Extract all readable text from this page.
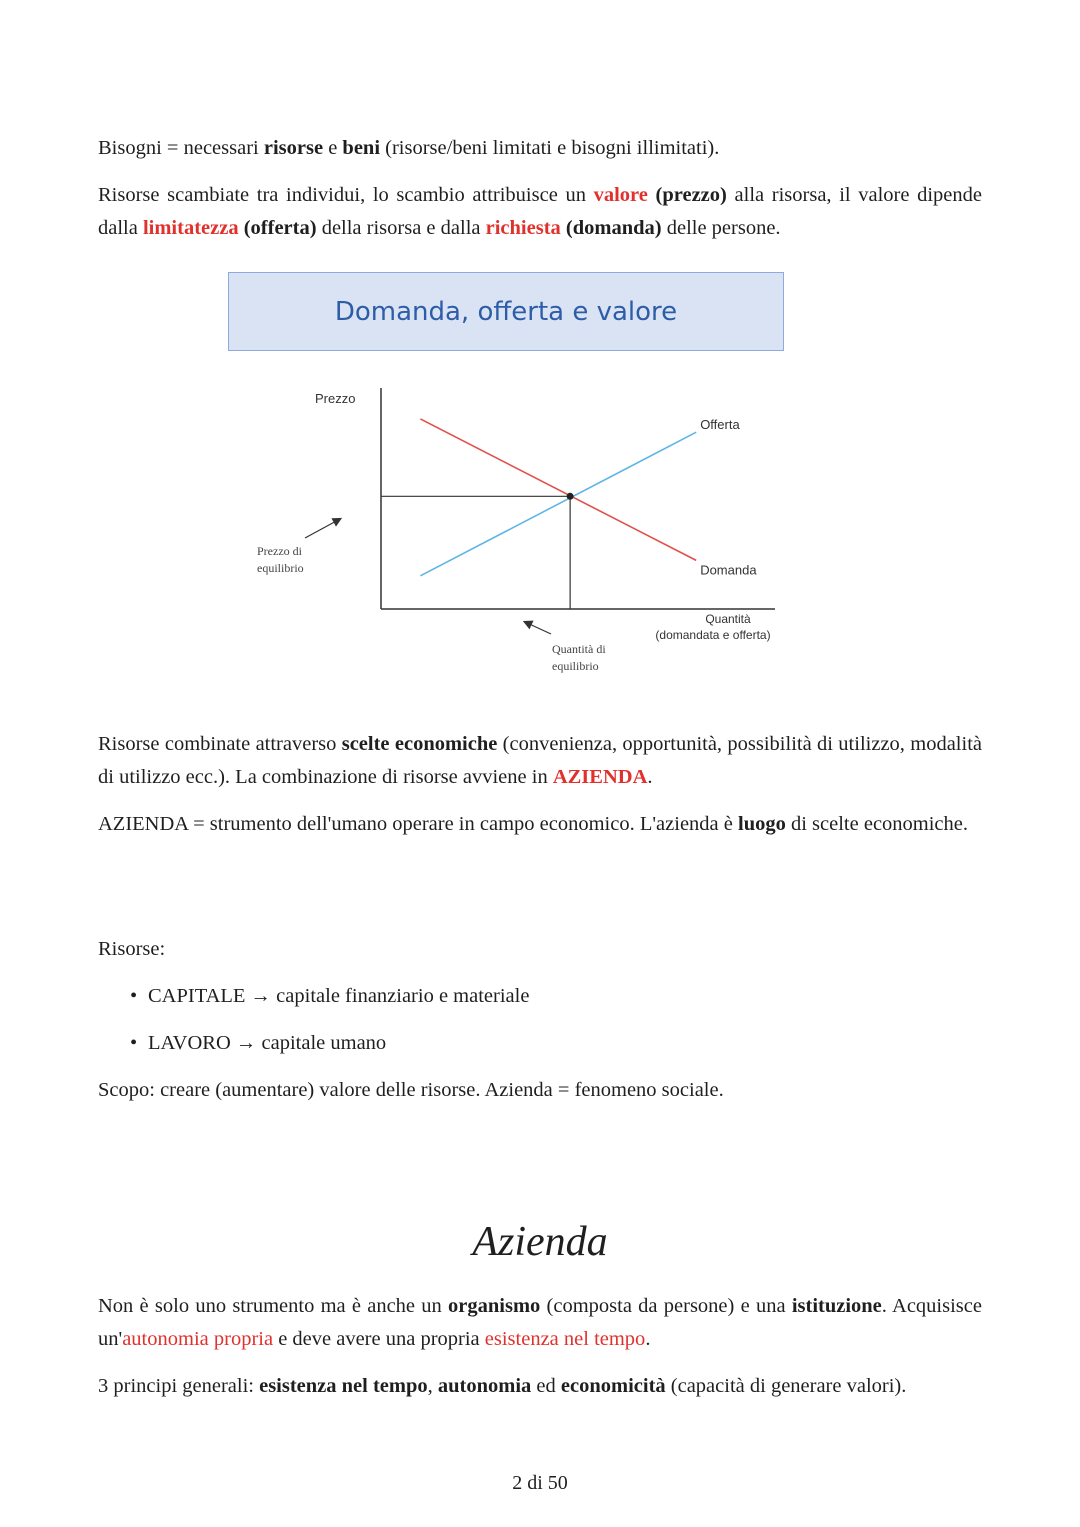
Bisogni = necessari risorse e beni (risorse/beni limitati e bisogni illimitati).

Risorse scambiate tra individui, lo scambio attribuisce un valore (prezzo) alla risorsa, il valore dipende dalla limitatezza (offerta) della risorsa e dalla richiesta (domanda) delle persone.

Domanda, offerta e valore
Offerta
Domanda
Prezzo
Quantità
(domandata e offerta)
Prezzo di
equilibrio
Quantità di
equilibrio

Risorse combinate attraverso scelte economiche (convenienza, opportunità, possibilità di utilizzo, modalità di utilizzo ecc.). La combinazione di risorse avviene in AZIENDA.

AZIENDA = strumento dell'umano operare in campo economico. L'azienda è luogo di scelte economiche.

Risorse:

• CAPITALE → capitale finanziario e materiale
• LAVORO → capitale umano

Scopo: creare (aumentare) valore delle risorse. Azienda = fenomeno sociale.

Azienda

Non è solo uno strumento ma è anche un organismo (composta da persone) e una istituzione. Acquisisce un'autonomia propria e deve avere una propria esistenza nel tempo.

3 principi generali: esistenza nel tempo, autonomia ed economicità (capacità di generare valori).

2 di 50
